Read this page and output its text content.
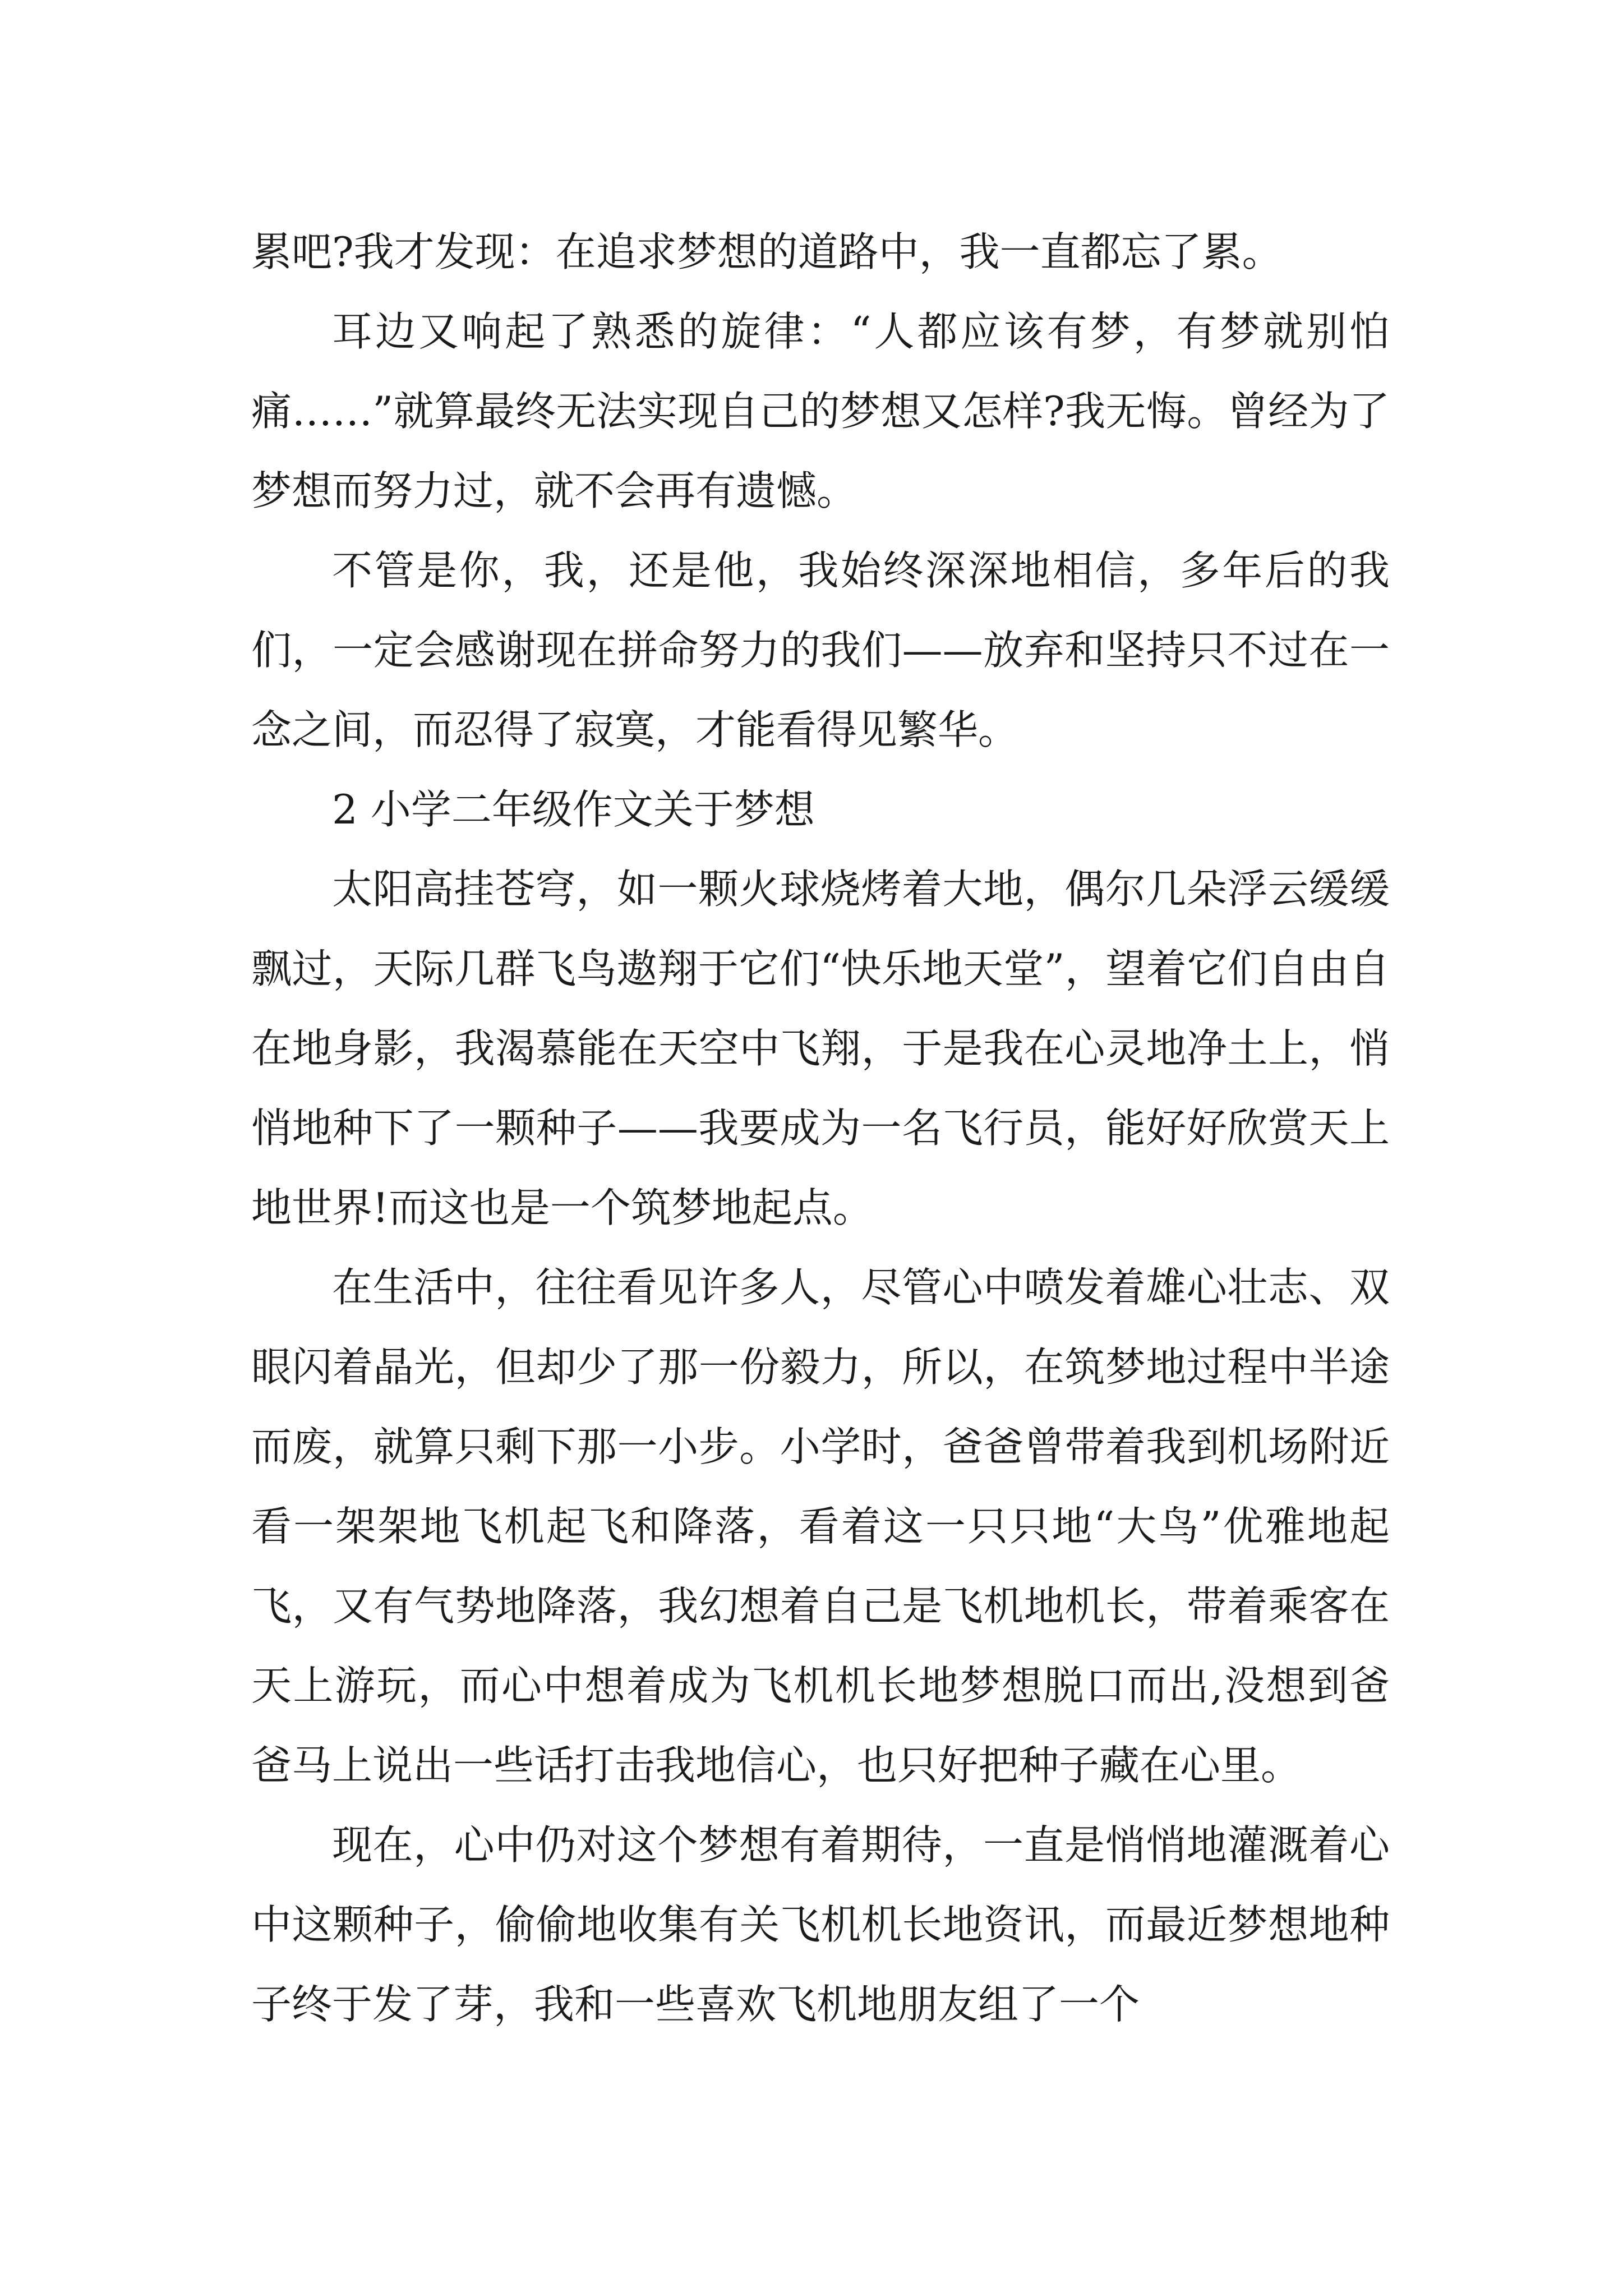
累吧?我才发现：在追求梦想的道路中，我一直都忘了累。

耳边又响起了熟悉的旋律：“人都应该有梦，有梦就别怕痛……”就算最终无法实现自己的梦想又怎样?我无悔。曾经为了梦想而努力过，就不会再有遗憾。

不管是你，我，还是他，我始终深深地相信，多年后的我们，一定会感谢现在拼命努力的我们——放弃和坚持只不过在一念之间，而忍得了寂寞，才能看得见繁华。

2 小学二年级作文关于梦想

太阳高挂苍穹，如一颗火球烧烤着大地，偶尔几朵浮云缓缓飘过，天际几群飞鸟遨翔于它们“快乐地天堂”，望着它们自由自在地身影，我渴慕能在天空中飞翔，于是我在心灵地净土上，悄悄地种下了一颗种子——我要成为一名飞行员，能好好欣赏天上地世界!而这也是一个筑梦地起点。

在生活中，往往看见许多人，尽管心中喷发着雄心壮志、双眼闪着晶光，但却少了那一份毅力，所以，在筑梦地过程中半途而废，就算只剩下那一小步。小学时，爸爸曾带着我到机场附近看一架架地飞机起飞和降落，看着这一只只地“大鸟”优雅地起飞，又有气势地降落，我幻想着自己是飞机地机长，带着乘客在天上游玩，而心中想着成为飞机机长地梦想脱口而出,没想到爸爸马上说出一些话打击我地信心，也只好把种子藏在心里。

现在，心中仍对这个梦想有着期待，一直是悄悄地灌溉着心中这颗种子，偷偷地收集有关飞机机长地资讯，而最近梦想地种子终于发了芽，我和一些喜欢飞机地朋友组了一个
